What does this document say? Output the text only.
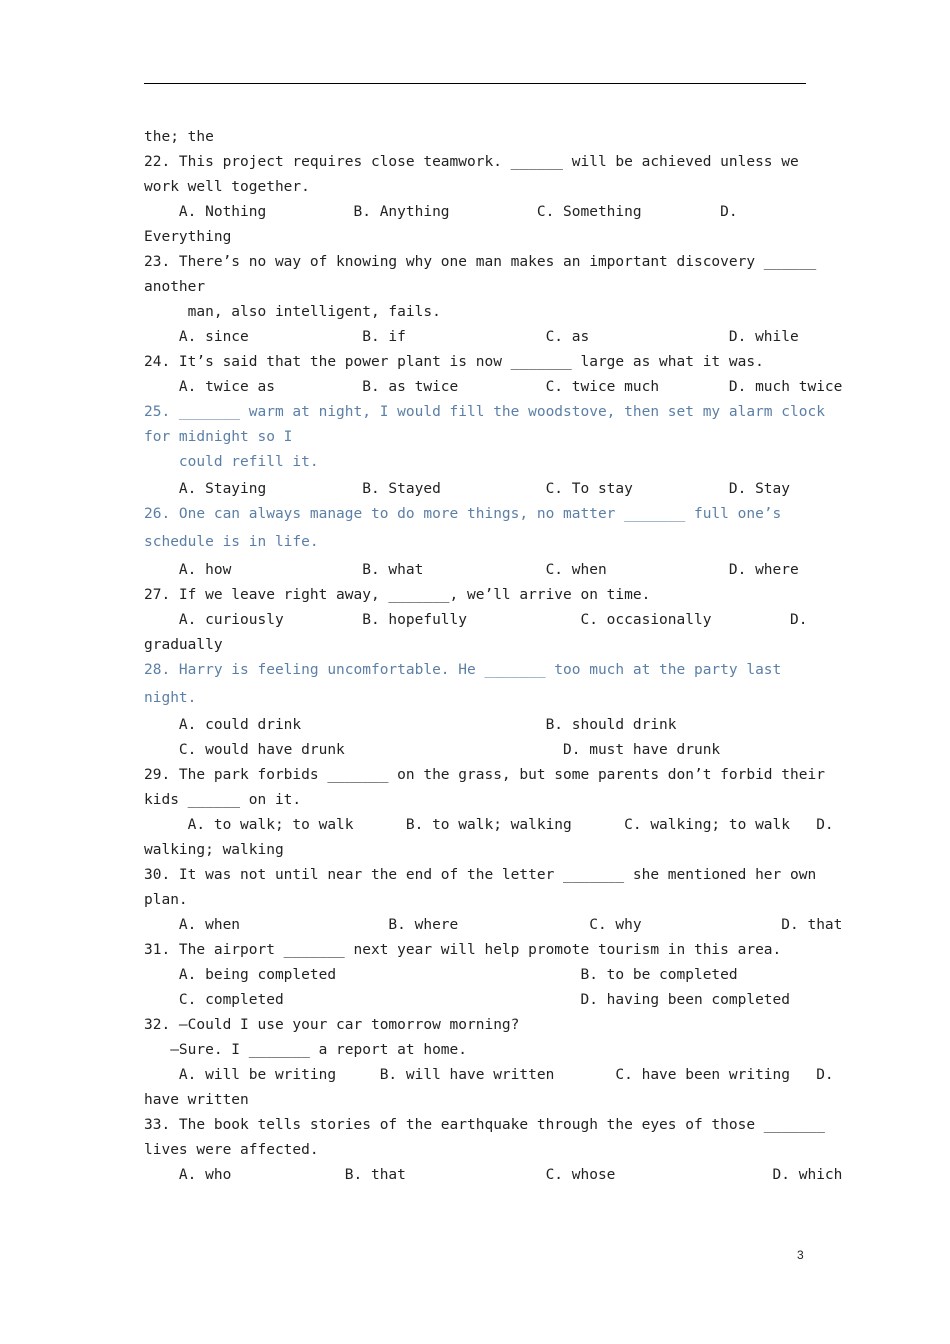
the; the
22. This project requires close teamwork. ______ will be achieved unless we
work well together.
A. Nothing          B. Anything          C. Something         D.
Everything
23. There’s no way of knowing why one man makes an important discovery ______
another
man, also intelligent, fails.
A. since             B. if                C. as                D. while
24. It’s said that the power plant is now _______ large as what it was.
A. twice as          B. as twice          C. twice much        D. much twice
25. _______ warm at night, I would fill the woodstove, then set my alarm clock
for midnight so I
could refill it.
A. Staying           B. Stayed            C. To stay           D. Stay
26. One can always manage to do more things, no matter _______ full one’s
schedule is in life.
A. how               B. what              C. when              D. where
27. If we leave right away, _______, we’ll arrive on time.
A. curiously         B. hopefully             C. occasionally         D.
gradually
28. Harry is feeling uncomfortable. He _______ too much at the party last
night.
A. could drink                            B. should drink
C. would have drunk                         D. must have drunk
29. The park forbids _______ on the grass, but some parents don’t forbid their
kids ______ on it.
A. to walk; to walk      B. to walk; walking      C. walking; to walk   D.
walking; walking
30. It was not until near the end of the letter _______ she mentioned her own
plan.
A. when                 B. where               C. why                D. that
31. The airport _______ next year will help promote tourism in this area.
A. being completed                            B. to be completed
C. completed                                  D. having been completed
32. —Could I use your car tomorrow morning?
—Sure. I _______ a report at home.
A. will be writing     B. will have written       C. have been writing   D.
have written
33. The book tells stories of the earthquake through the eyes of those _______
lives were affected.
A. who             B. that                C. whose                  D. which
3
